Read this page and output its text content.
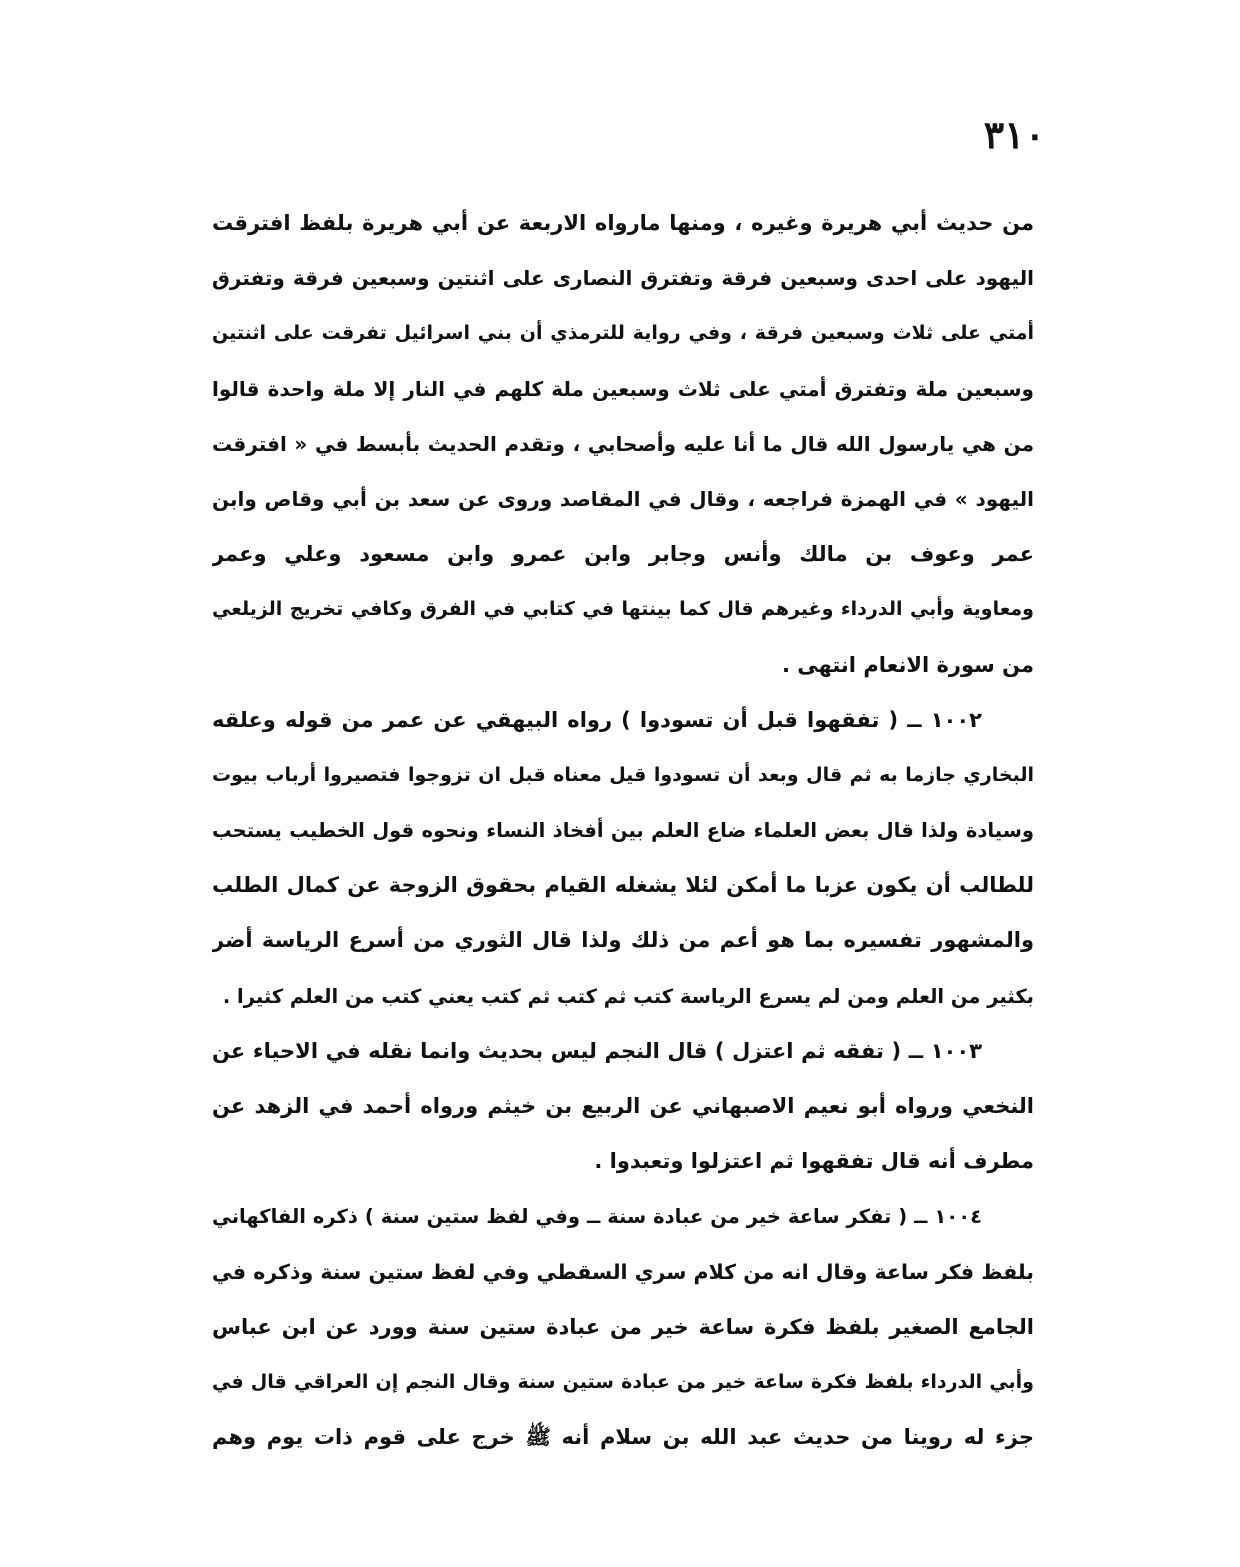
٣١٠
من حديث أبي هريرة وغيره ، ومنها مارواه الاربعة عن أبي هريرة بلفظ افترقت
اليهود على احدى وسبعين فرقة وتفترق النصارى على اثنتين وسبعين فرقة وتفترق
أمتي على ثلاث وسبعين فرقة ، وفي رواية للترمذي أن بني اسرائيل تفرقت على اثنتين
وسبعين ملة وتفترق أمتي على ثلاث وسبعين ملة كلهم في النار إلا ملة واحدة قالوا
من هي يارسول الله قال ما أنا عليه وأصحابي ، وتقدم الحديث بأبسط في « افترقت
اليهود » في الهمزة فراجعه ، وقال في المقاصد وروى عن سعد بن أبي وقاص وابن
عمر وعوف بن مالك وأنس وجابر وابن عمرو وابن مسعود وعلي وعمر
ومعاوية وأبي الدرداء وغيرهم قال كما بينتها في كتابي في الفرق وكافي تخريج الزيلعي
من سورة الانعام انتهى .
١٠٠٢ ــ ( تفقهوا قبل أن تسودوا ) رواه البيهقي عن عمر من قوله وعلقه
البخاري جازما به ثم قال وبعد أن تسودوا قيل معناه قبل ان تزوجوا فتصيروا أرباب بيوت
وسيادة ولذا قال بعض العلماء ضاع العلم بين أفخاذ النساء ونحوه قول الخطيب يستحب
للطالب أن يكون عزبا ما أمكن لئلا يشغله القيام بحقوق الزوجة عن كمال الطلب
والمشهور تفسيره بما هو أعم من ذلك ولذا قال الثوري من أسرع الرياسة أضر
بكثير من العلم ومن لم يسرع الرياسة كتب ثم كتب ثم كتب يعني كتب من العلم كثيرا .
١٠٠٣ ــ ( تفقه ثم اعتزل ) قال النجم ليس بحديث وانما نقله في الاحياء عن
النخعي ورواه أبو نعيم الاصبهاني عن الربيع بن خيثم ورواه أحمد في الزهد عن
مطرف أنه قال تفقهوا ثم اعتزلوا وتعبدوا .
١٠٠٤ ــ ( تفكر ساعة خير من عبادة سنة ــ وفي لفظ ستين سنة ) ذكره الفاكهاني
بلفظ فكر ساعة وقال انه من كلام سري السقطي وفي لفظ ستين سنة وذكره في
الجامع الصغير بلفظ فكرة ساعة خير من عبادة ستين سنة وورد عن ابن عباس
وأبي الدرداء بلفظ فكرة ساعة خير من عبادة ستين سنة وقال النجم إن العراقي قال في
جزء له روينا من حديث عبد الله بن سلام أنه ﷺ خرج على قوم ذات يوم وهم
